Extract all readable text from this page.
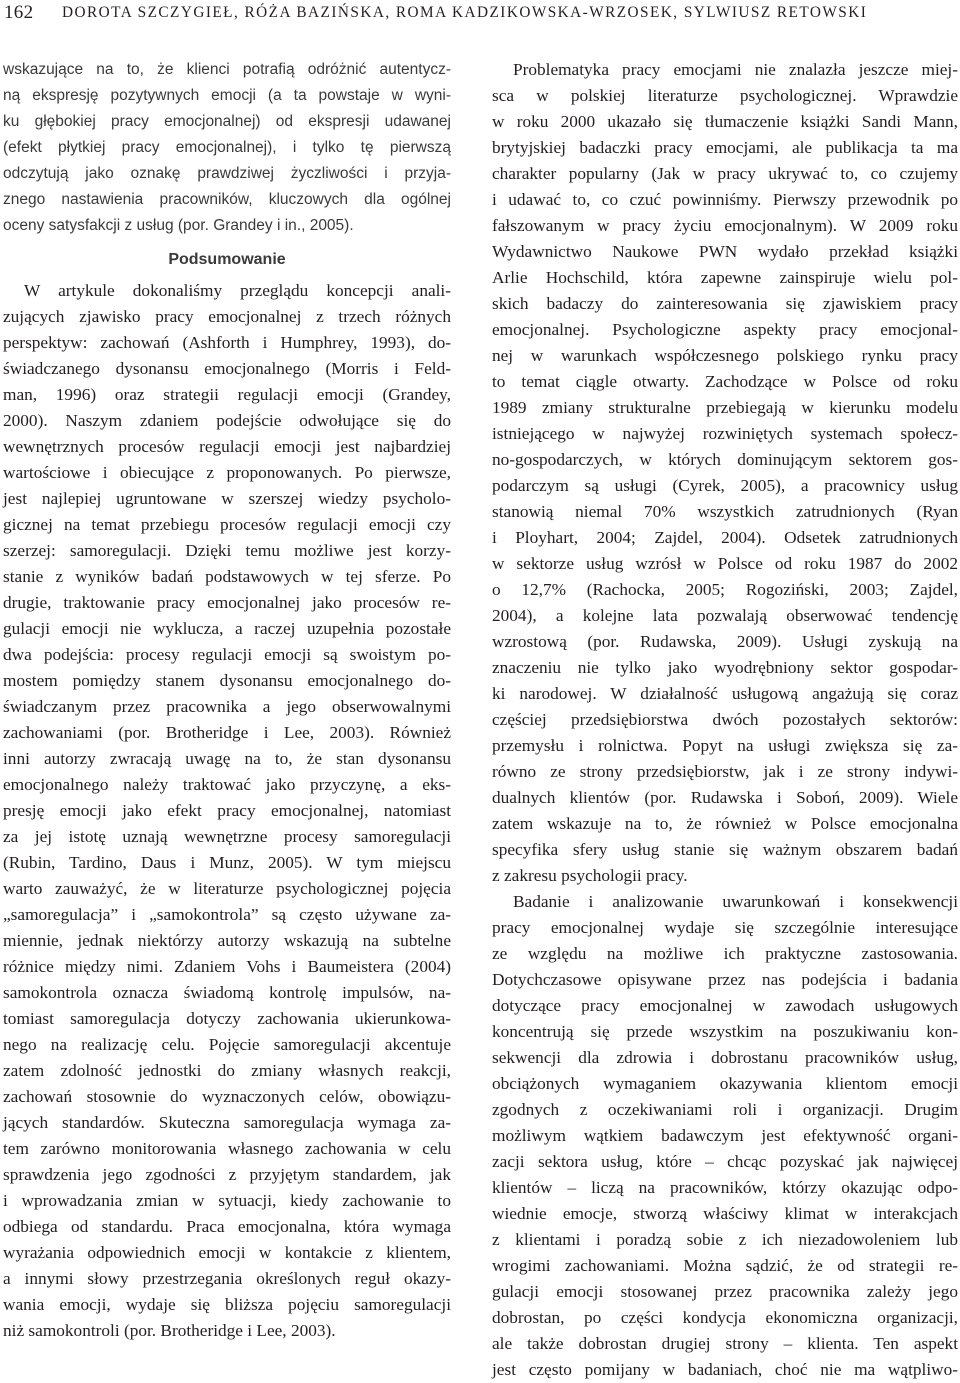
162 DOROTA SZCZYGIEŁ, RÓŻA BAZIŃSKA, ROMA KADZIKOWSKA-WRZOSEK, SYLWIUSZ RETOWSKI
wskazujące na to, że klienci potrafią odróżnić autentycz-
ną ekspresję pozytywnych emocji (a ta powstaje w wyni-
ku głębokiej pracy emocjonalnej) od ekspresji udawanej
(efekt płytkiej pracy emocjonalnej), i tylko tę pierwszą
odczytują jako oznakę prawdziwej życzliwości i przyja-
znego nastawienia pracowników, kluczowych dla ogólnej
oceny satysfakcji z usług (por. Grandey i in., 2005).
Podsumowanie
W artykule dokonaliśmy przeglądu koncepcji anali-
zujących zjawisko pracy emocjonalnej z trzech różnych
perspektyw: zachowań (Ashforth i Humphrey, 1993), do-
świadczanego dysonansu emocjonalnego (Morris i Feld-
man, 1996) oraz strategii regulacji emocji (Grandey,
2000). Naszym zdaniem podejście odwołujące się do
wewnętrznych procesów regulacji emocji jest najbardziej
wartościowe i obiecujące z proponowanych. Po pierwsze,
jest najlepiej ugruntowane w szerszej wiedzy psycholo-
gicznej na temat przebiegu procesów regulacji emocji czy
szerzej: samoregulacji. Dzięki temu możliwe jest korzy-
stanie z wyników badań podstawowych w tej sferze. Po
drugie, traktowanie pracy emocjonalnej jako procesów re-
gulacji emocji nie wyklucza, a raczej uzupełnia pozostałe
dwa podejścia: procesy regulacji emocji są swoistym po-
mostem pomiędzy stanem dysonansu emocjonalnego do-
świadczanym przez pracownika a jego obserwowalnymi
zachowaniami (por. Brotheridge i Lee, 2003). Również
inni autorzy zwracają uwagę na to, że stan dysonansu
emocjonalnego należy traktować jako przyczynę, a eks-
presję emocji jako efekt pracy emocjonalnej, natomiast
za jej istotę uznają wewnętrzne procesy samoregulacji
(Rubin, Tardino, Daus i Munz, 2005). W tym miejscu
warto zauważyć, że w literaturze psychologicznej pojęcia
„samoregulacja” i „samokontrola” są często używane za-
miennie, jednak niektórzy autorzy wskazują na subtelne
różnice między nimi. Zdaniem Vohs i Baumeistera (2004)
samokontrola oznacza świadomą kontrolę impulsów, na-
tomiast samoregulacja dotyczy zachowania ukierunkowa-
nego na realizację celu. Pojęcie samoregulacji akcentuje
zatem zdolność jednostki do zmiany własnych reakcji,
zachowań stosownie do wyznaczonych celów, obowiązu-
jących standardów. Skuteczna samoregulacja wymaga za-
tem zarówno monitorowania własnego zachowania w celu
sprawdzenia jego zgodności z przyjętym standardem, jak
i wprowadzania zmian w sytuacji, kiedy zachowanie to
odbiega od standardu. Praca emocjonalna, która wymaga
wyrażania odpowiednich emocji w kontakcie z klientem,
a innymi słowy przestrzegania określonych reguł okazy-
wania emocji, wydaje się bliższa pojęciu samoregulacji
niż samokontroli (por. Brotheridge i Lee, 2003).
Problematyka pracy emocjami nie znalazła jeszcze miej-
sca w polskiej literaturze psychologicznej. Wprawdzie
w roku 2000 ukazało się tłumaczenie książki Sandi Mann,
brytyjskiej badaczki pracy emocjami, ale publikacja ta ma
charakter popularny (Jak w pracy ukrywać to, co czujemy
i udawać to, co czuć powinniśmy. Pierwszy przewodnik po
fałszowanym w pracy życiu emocjonalnym). W 2009 roku
Wydawnictwo Naukowe PWN wydało przekład książki
Arlie Hochschild, która zapewne zainspiruje wielu pol-
skich badaczy do zainteresowania się zjawiskiem pracy
emocjonalnej. Psychologiczne aspekty pracy emocjonal-
nej w warunkach współczesnego polskiego rynku pracy
to temat ciągle otwarty. Zachodzące w Polsce od roku
1989 zmiany strukturalne przebiegają w kierunku modelu
istniejącego w najwyżej rozwiniętych systemach społecz-
no-gospodarczych, w których dominującym sektorem gos-
podarczym są usługi (Cyrek, 2005), a pracownicy usług
stanowią niemal 70% wszystkich zatrudnionych (Ryan
i Ployhart, 2004; Zajdel, 2004). Odsetek zatrudnionych
w sektorze usług wzrósł w Polsce od roku 1987 do 2002
o 12,7% (Rachocka, 2005; Rogoziński, 2003; Zajdel,
2004), a kolejne lata pozwalają obserwować tendencję
wzrostową (por. Rudawska, 2009). Usługi zyskują na
znaczeniu nie tylko jako wyodrębniony sektor gospodar-
ki narodowej. W działalność usługową angażują się coraz
częściej przedsiębiorstwa dwóch pozostałych sektorów:
przemysłu i rolnictwa. Popyt na usługi zwiększa się za-
równo ze strony przedsiębiorstw, jak i ze strony indywi-
dualnych klientów (por. Rudawska i Soboń, 2009). Wiele
zatem wskazuje na to, że również w Polsce emocjonalna
specyfika sfery usług stanie się ważnym obszarem badań
z zakresu psychologii pracy.
Badanie i analizowanie uwarunkowań i konsekwencji
pracy emocjonalnej wydaje się szczególnie interesujące
ze względu na możliwe ich praktyczne zastosowania.
Dotychczasowe opisywane przez nas podejścia i badania
dotyczące pracy emocjonalnej w zawodach usługowych
koncentrują się przede wszystkim na poszukiwaniu kon-
sekwencji dla zdrowia i dobrostanu pracowników usług,
obciążonych wymaganiem okazywania klientom emocji
zgodnych z oczekiwaniami roli i organizacji. Drugim
możliwym wątkiem badawczym jest efektywność organi-
zacji sektora usług, które – chcąc pozyskać jak najwięcej
klientów – liczą na pracowników, którzy okazując odpo-
wiednie emocje, stworzą właściwy klimat w interakcjach
z klientami i poradzą sobie z ich niezadowoleniem lub
wrogimi zachowaniami. Można sądzić, że od strategii re-
gulacji emocji stosowanej przez pracownika zależy jego
dobrostan, po części kondycja ekonomiczna organizacji,
ale także dobrostan drugiej strony – klienta. Ten aspekt
jest często pomijany w badaniach, choć nie ma wątpliwo-
